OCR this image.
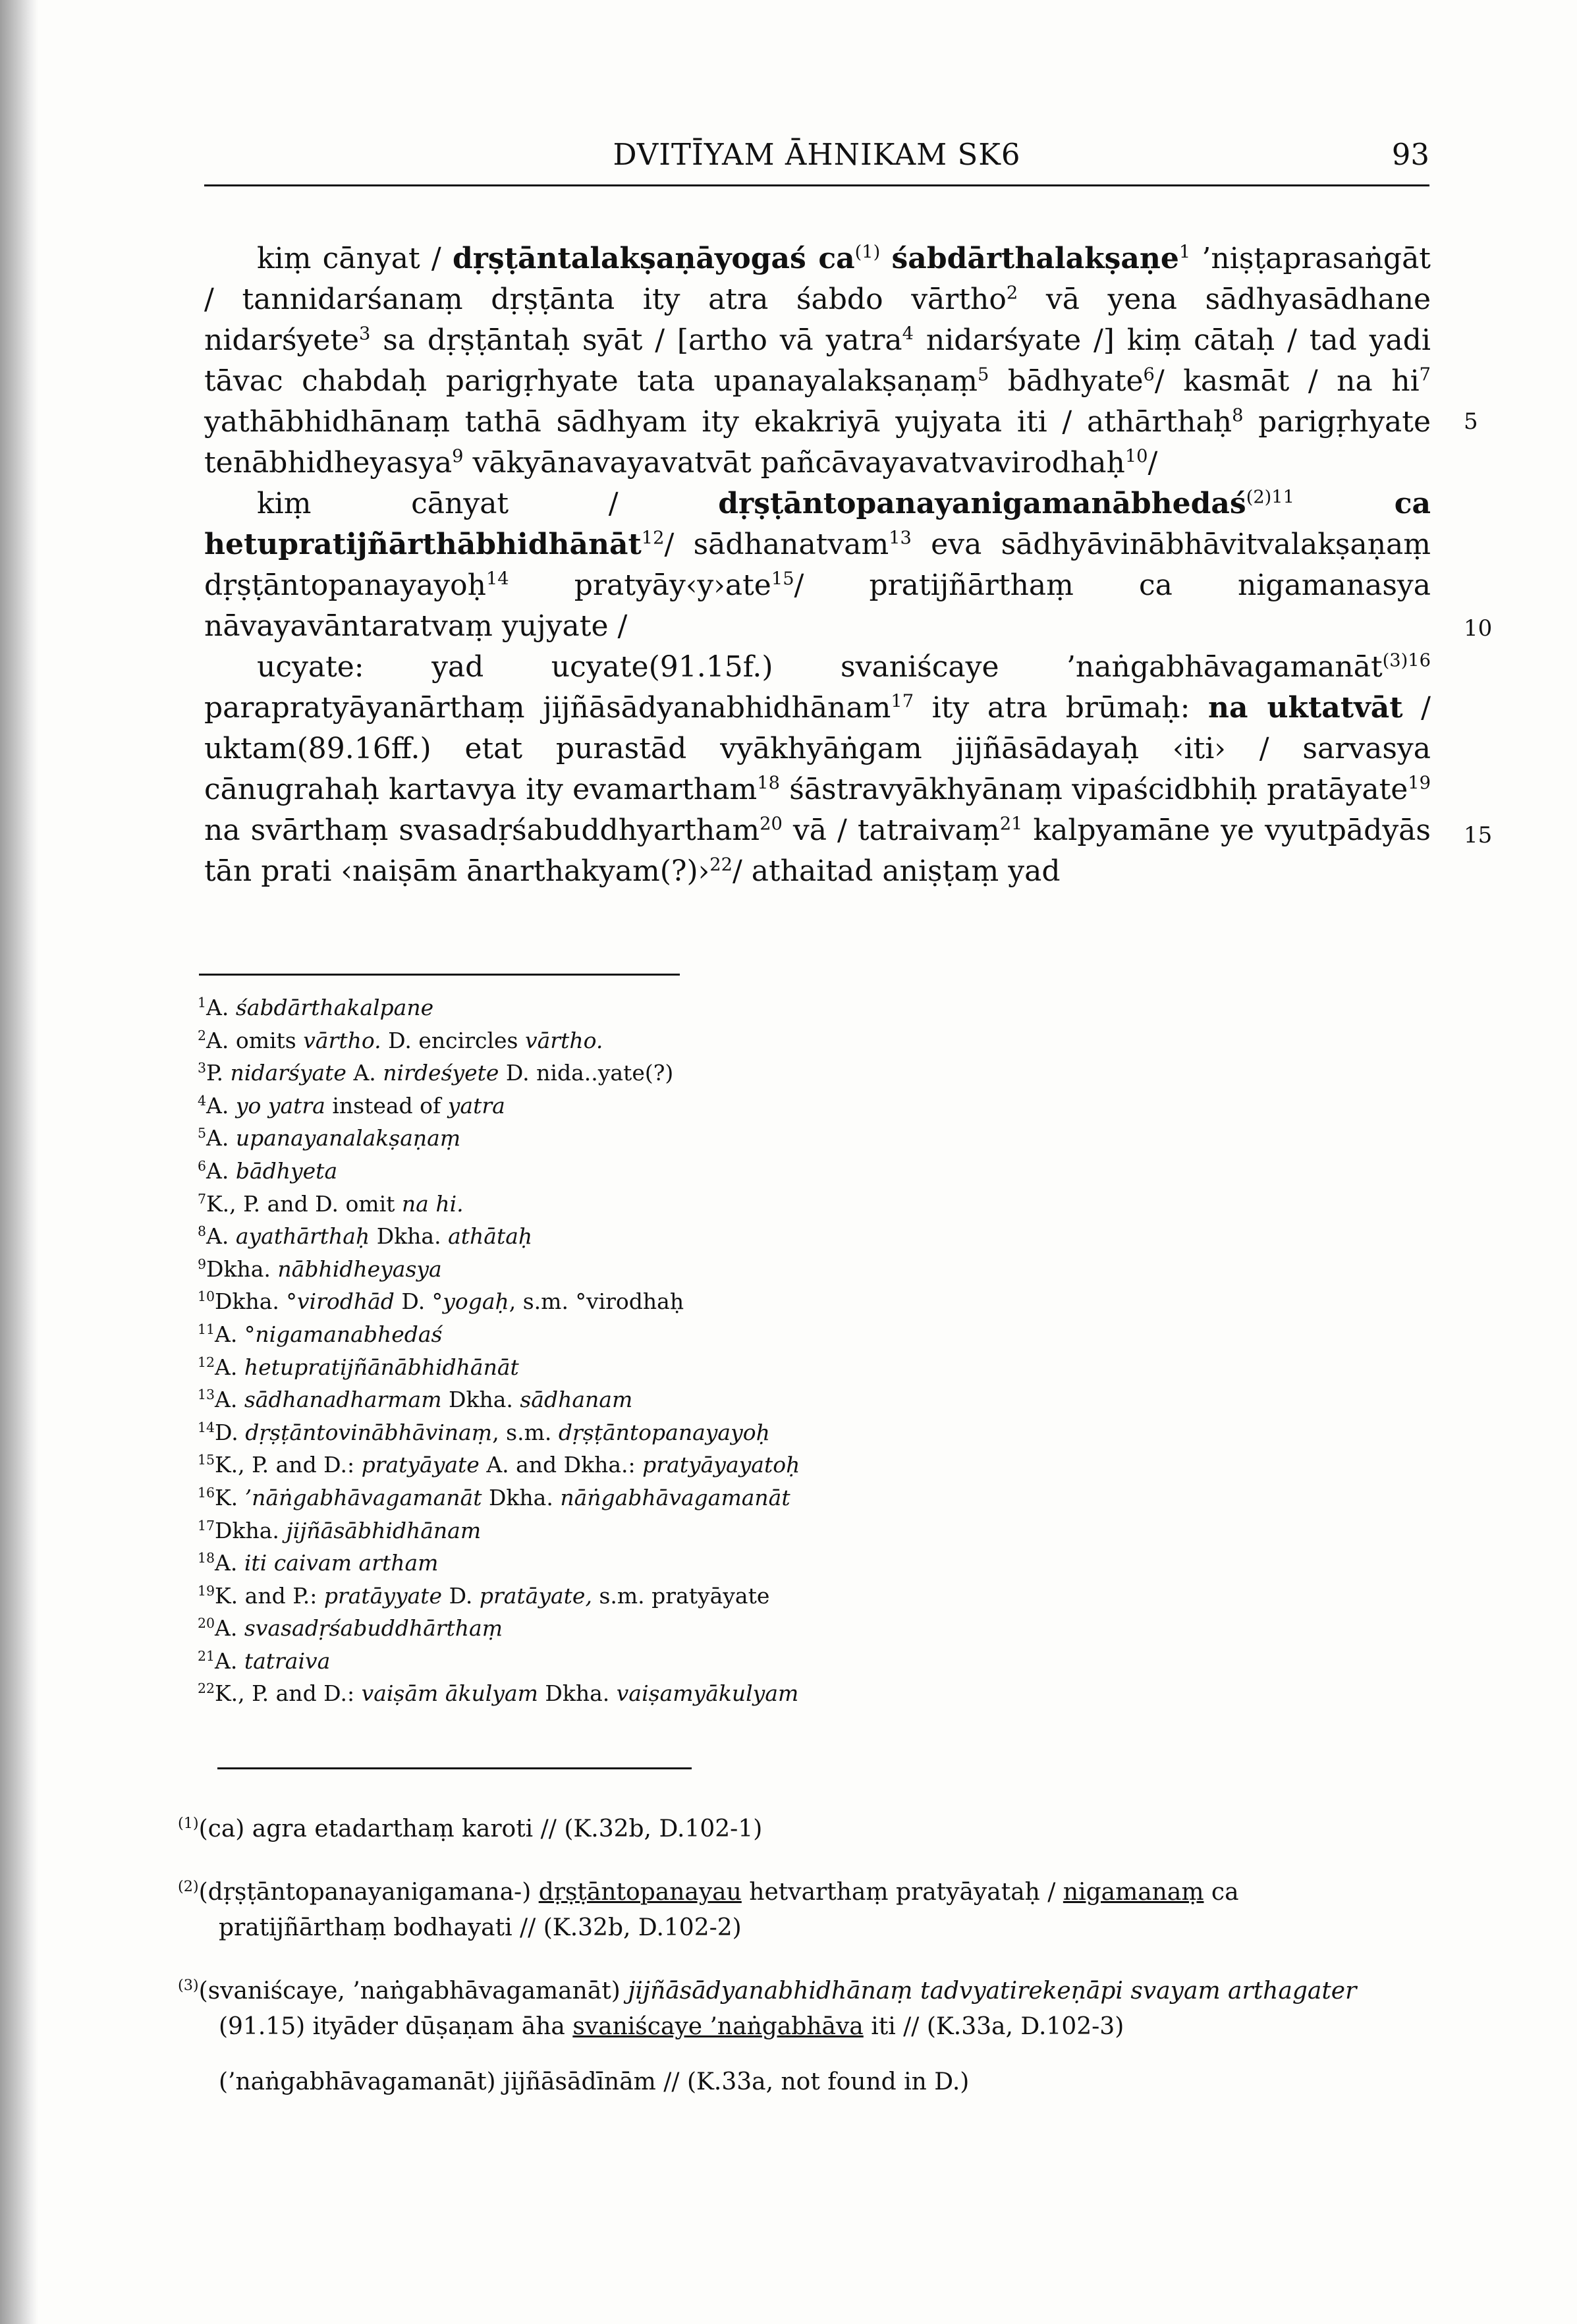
DVITĪYAM ĀHNIKAM SK6	93

kiṃ cānyat / dṛṣṭāntalakṣaṇāyogaś $ca^{(1)}$ śabdārthalakṣaṇe$^1$ ’niṣṭaprasaṅgāt / tannidarśanaṃ dṛṣṭānta ity atra śabdo vārtho$^2$ vā yena sādhyasādhane nidarśyete$^3$ sa dṛṣṭāntaḥ syāt / [artho vā yatra$^4$ nidarśyate /] kiṃ cātaḥ / tad yadi tāvac chabdaḥ parigṛhyate tata upanayalakṣaṇaṃ$^5$ bādhyate$^6$/ kasmāt / na $hi^7$ yathābhidhānaṃ tathā sādhyam ity ekakriyā yujyata iti / athārthaḥ$^8$ parigṛhyate tenābhidheyasya$^9$ vākyānavayavatvāt pañcāvayavatvavirodhaḥ$^{10}$/

kiṃ cānyat / dṛṣṭāntopanayanigamanābhedaś$^{(2)11}$	ca hetupratijñārthābhidhānāt$^{12}$/ sādhanatvam$^{13}$ eva sādhyāvinābhāvitvalakṣaṇaṃ dṛṣṭāntopanayayoḥ$^{14}$ pratyāy‹y›ate$^{15}$/ pratijñārthaṃ ca nigamanasya nāvayavāntaratvaṃ yujyate /

ucyate: yad ucyate(91.15f.) svaniścaye ’naṅgabhāvagamanāt$^{(3)16}$ parapratyāyanārthaṃ jijñāsādyanabhidhānam$^{17}$ ity atra brūmaḥ: na uktatvāt / uktam(89.16ff.) etat purastād vyākhyāṅgam jijñāsādayaḥ ‹iti› / sarvasya cānugrahaḥ kartavya ity evamartham$^{18}$ śāstravyākhyānaṃ vipaścidbhiḥ pratāyate$^{19}$ na svārthaṃ svasadṛśabuddhyartham$^{20}$ vā / tatraivaṃ$^{21}$ kalpyamāne ye vyutpādyās tān prati ‹naiṣām ānarthakyam(?)›$^{22}$/ athaitad aniṣṭaṃ yad

5
10
15
$^1$A. śabdārthakalpane
$^2$A. omits vārtho. D. encircles vārtho.
$^3$P. nidarśyate A. nirdeśyete D. nida..yate(?)
$^4$A. yo yatra instead of yatra
$^5$A. upanayanalakṣaṇaṃ
$^6$A. bādhyeta
$^7$K., P. and D. omit na hi.
$^8$A. ayathārthaḥ Dkha. athātaḥ
$^9$Dkha. nābhidheyasya
$^{10}$Dkha. °virodhād D. °yogaḥ, s.m. °virodhaḥ
$^{11}$A. °nigamanabhedaś
$^{12}$A. hetupratijñānābhidhānāt
$^{13}$A. sādhanadharmam Dkha. sādhanam
$^{14}$D. dṛṣṭāntovinābhāvinaṃ, s.m. dṛṣṭāntopanayayoḥ
$^{15}$K., P. and D.: pratyāyate A. and Dkha.: pratyāyayatoḥ
$^{16}$K. ’nāṅgabhāvagamanāt Dkha. nāṅgabhāvagamanāt
$^{17}$Dkha. jijñāsābhidhānam
$^{18}$A. iti caivam artham
$^{19}$K. and P.: pratāyyate D. pratāyate, s.m. pratyāyate
$^{20}$A. svasadṛśabuddhārthaṃ
$^{21}$A. tatraiva
$^{22}$K., P. and D.: vaiṣām ākulyam Dkha. vaiṣamyākulyam
$^{(1)}$(ca) agra etadarthaṃ karoti // (K.32b, D.102-1)
$^{(2)}$(dṛṣṭāntopanayanigamana-) dṛṣṭāntopanayau hetvarthaṃ pratyāyataḥ / nigamanaṃ ca pratijñārthaṃ bodhayati // (K.32b, D.102-2)
$^{(3)}$(svaniścaye, ’naṅgabhāvagamanāt) jijñāsādyanabhidhānaṃ tadvyatirekeṇāpi svayam arthagater (91.15) ityāder dūṣaṇam āha svaniścaye ’naṅgabhāva iti // (K.33a, D.102-3)
(’naṅgabhāvagamanāt) jijñāsādīnām // (K.33a, not found in D.)
